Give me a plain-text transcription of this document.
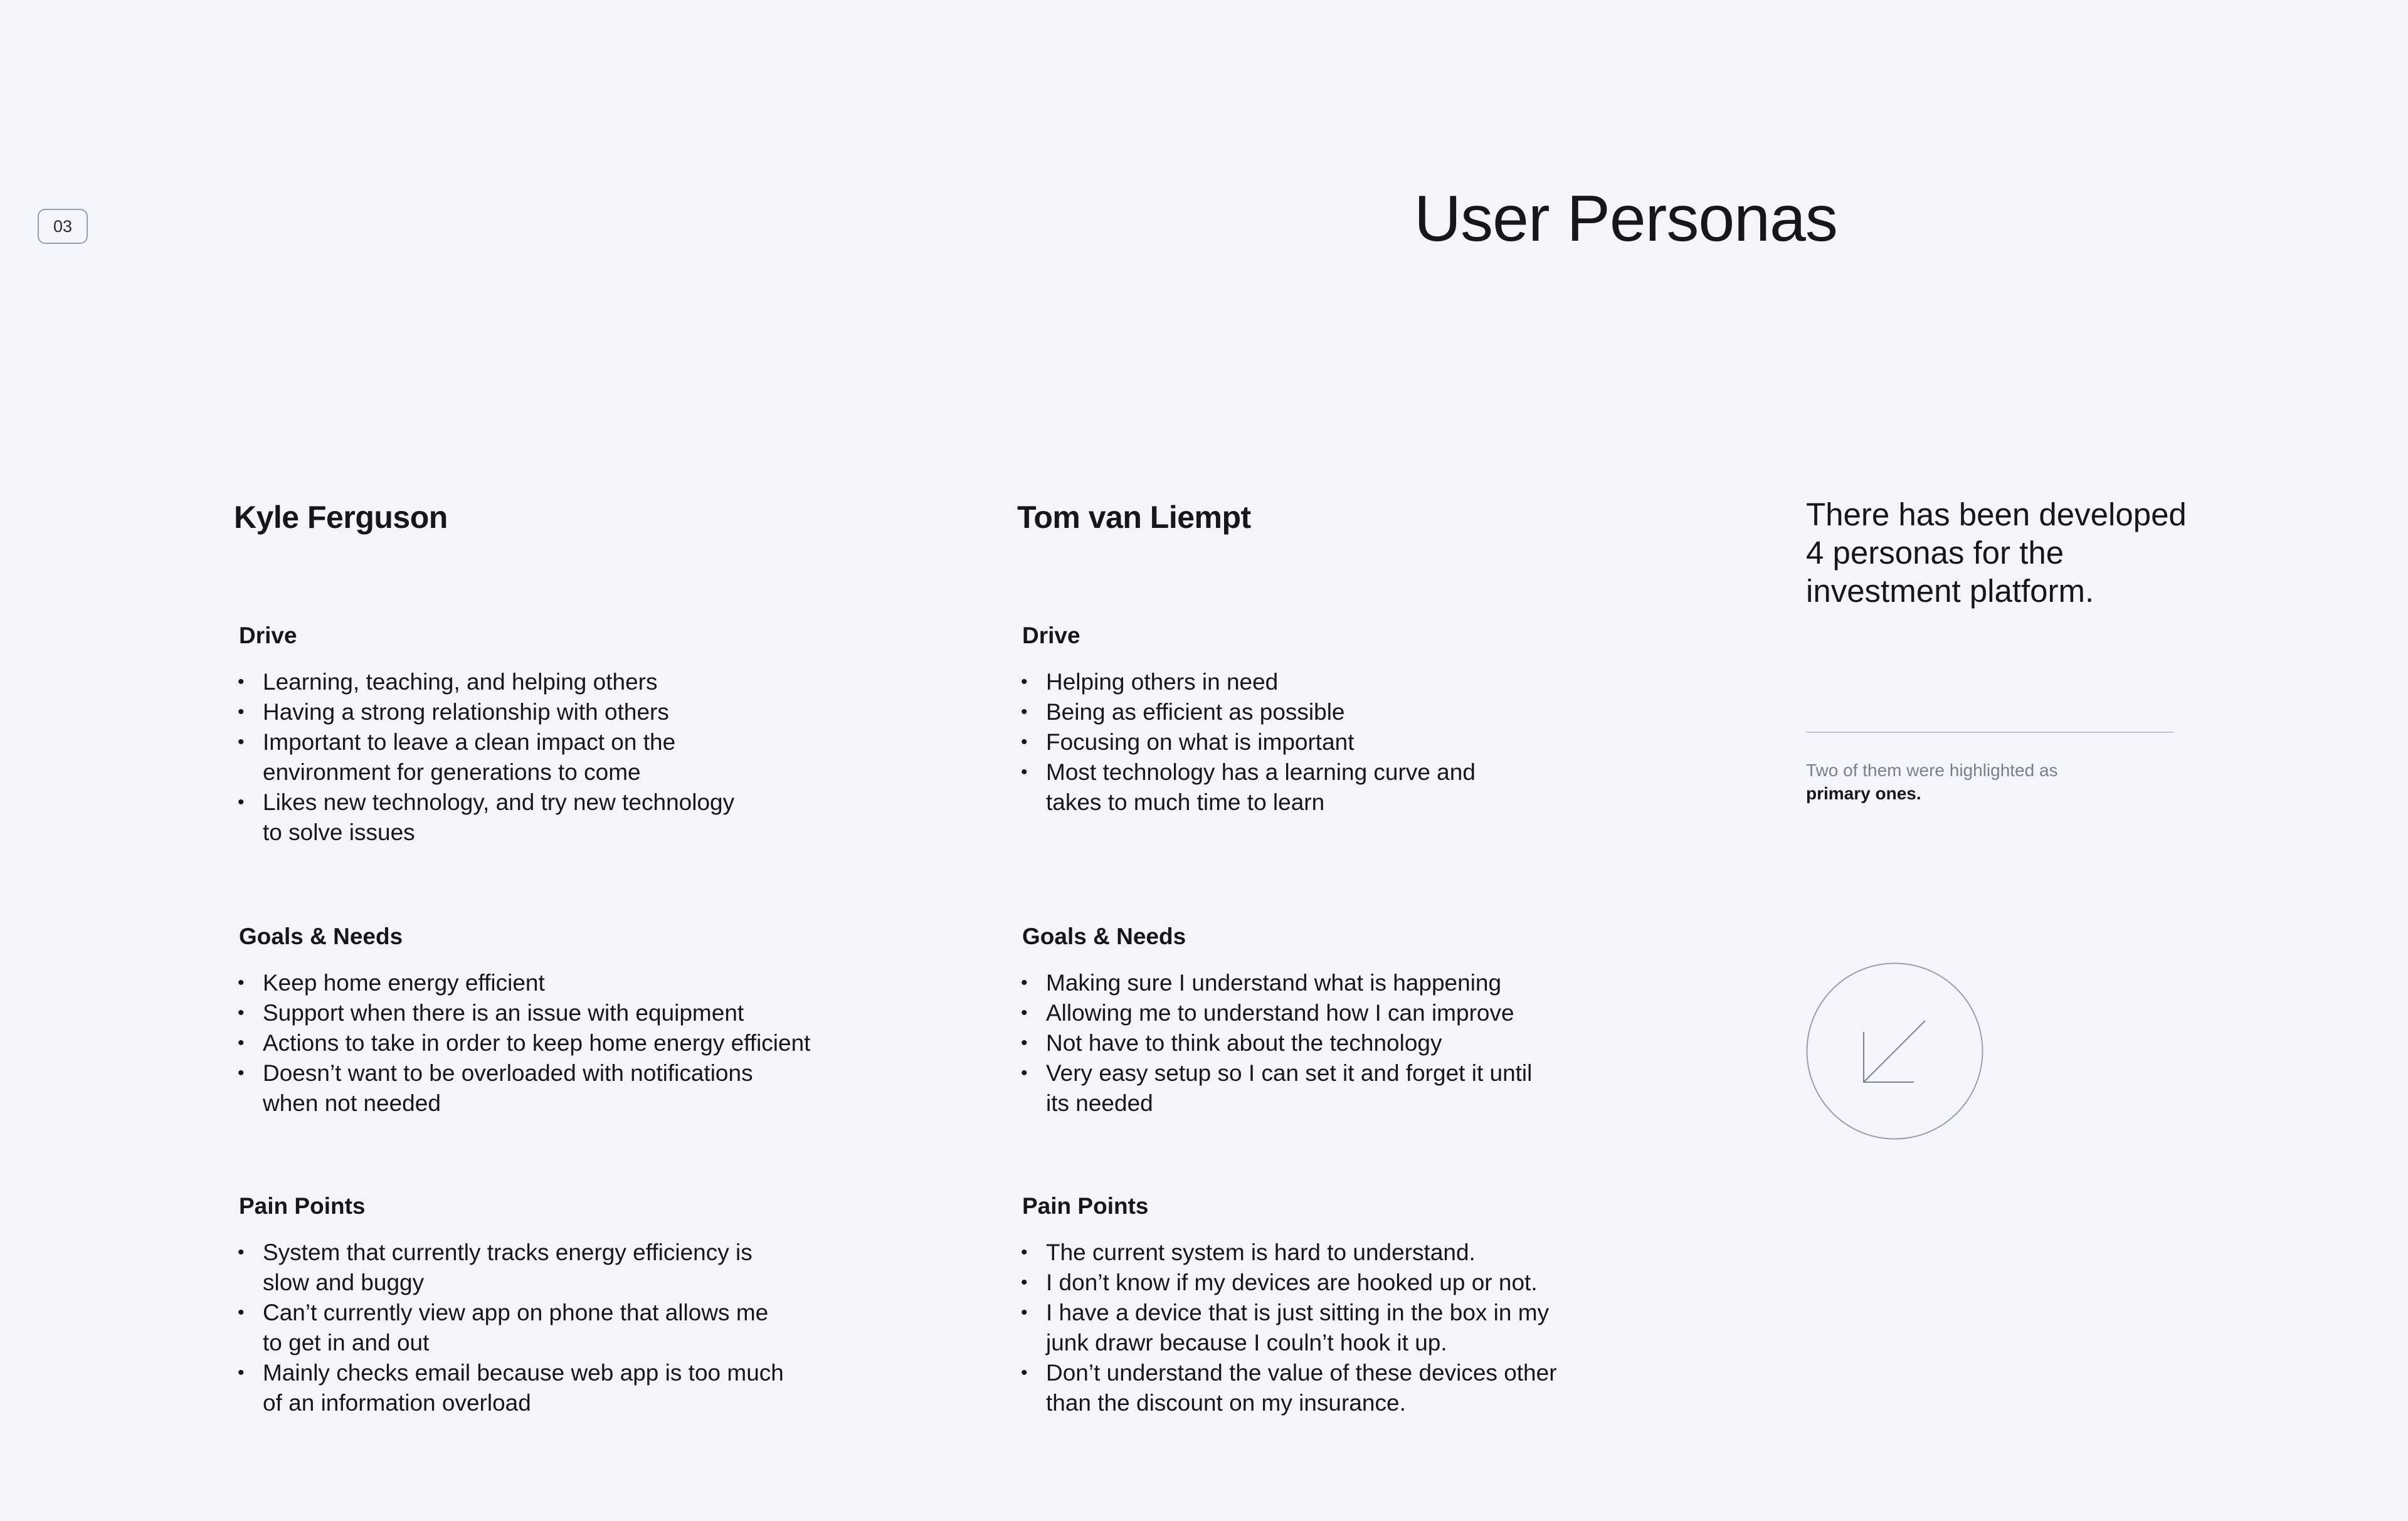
03	User Personas
Kyle Ferguson
Drive
• Learning, teaching, and helping others
• Having a strong relationship with others
• Important to leave a clean impact on the
environment for generations to come
• Likes new technology, and try new technology
to solve issues
Goals & Needs
• Keep home energy efficient
• Support when there is an issue with equipment
• Actions to take in order to keep home energy efficient
• Doesn’t want to be overloaded with notifications
when not needed
Pain Points
• System that currently tracks energy efficiency is
slow and buggy
• Can’t currently view app on phone that allows me
to get in and out
• Mainly checks email because web app is too much
of an information overload
Tom van Liempt
Drive
• Helping others in need
• Being as efficient as possible
• Focusing on what is important
• Most technology has a learning curve and
takes to much time to learn
Goals & Needs
• Making sure I understand what is happening
• Allowing me to understand how I can improve
• Not have to think about the technology
• Very easy setup so I can set it and forget it until
its needed
Pain Points
• The current system is hard to understand.
• I don’t know if my devices are hooked up or not.
• I have a device that is just sitting in the box in my
junk drawr because I couln’t hook it up.
• Don’t understand the value of these devices other
than the discount on my insurance.

There has been developed
4 personas for the
investment platform.

Two of them were highlighted as
primary ones.
